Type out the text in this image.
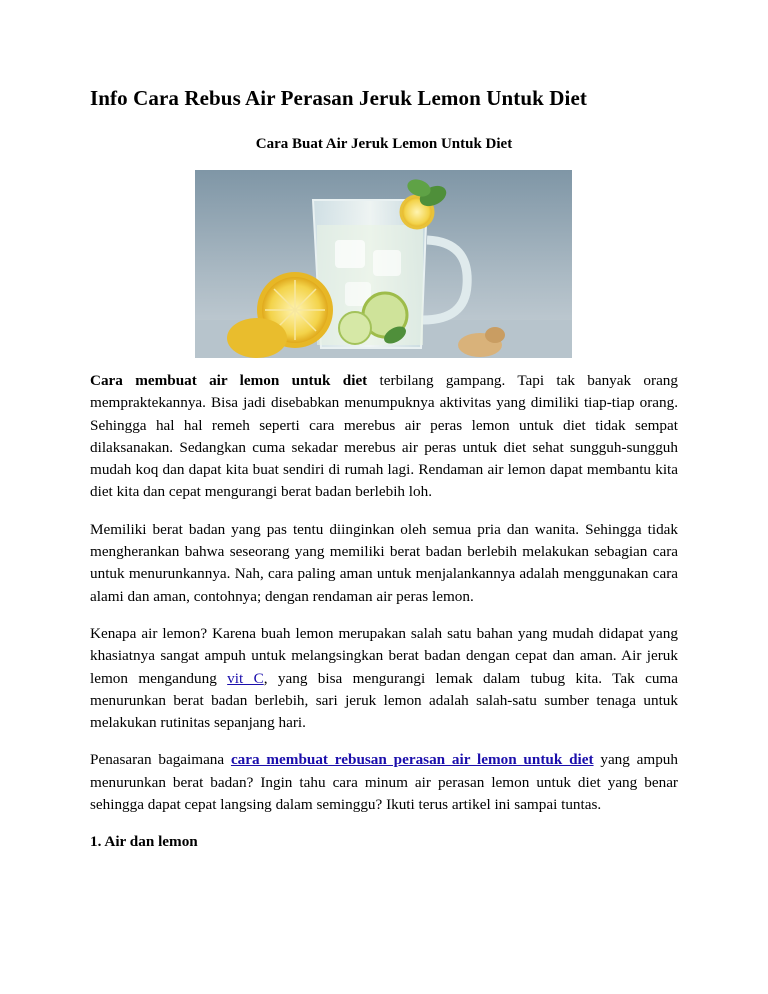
Info Cara Rebus Air Perasan Jeruk Lemon Untuk Diet
Cara Buat Air Jeruk Lemon Untuk Diet

Cara membuat air lemon untuk diet terbilang gampang. Tapi tak banyak orang mempraktekannya. Bisa jadi disebabkan menumpuknya aktivitas yang dimiliki tiap-tiap orang. Sehingga hal hal remeh seperti cara merebus air peras lemon untuk diet tidak sempat dilaksanakan. Sedangkan cuma sekadar merebus air peras untuk diet sehat sungguh-sungguh mudah koq dan dapat kita buat sendiri di rumah lagi. Rendaman air lemon dapat membantu kita diet kita dan cepat mengurangi berat badan berlebih loh.

Memiliki berat badan yang pas tentu diinginkan oleh semua pria dan wanita. Sehingga tidak mengherankan bahwa seseorang yang memiliki berat badan berlebih melakukan sebagian cara untuk menurunkannya. Nah, cara paling aman untuk menjalankannya adalah menggunakan cara alami dan aman, contohnya; dengan rendaman air peras lemon.

Kenapa air lemon? Karena buah lemon merupakan salah satu bahan yang mudah didapat yang khasiatnya sangat ampuh untuk melangsingkan berat badan dengan cepat dan aman. Air jeruk lemon mengandung vit C, yang bisa mengurangi lemak dalam tubug kita. Tak cuma menurunkan berat badan berlebih, sari jeruk lemon adalah salah-satu sumber tenaga untuk melakukan rutinitas sepanjang hari.

Penasaran bagaimana cara membuat rebusan perasan air lemon untuk diet yang ampuh menurunkan berat badan? Ingin tahu cara minum air perasan lemon untuk diet yang benar sehingga dapat cepat langsing dalam seminggu? Ikuti terus artikel ini sampai tuntas.

1. Air dan lemon
